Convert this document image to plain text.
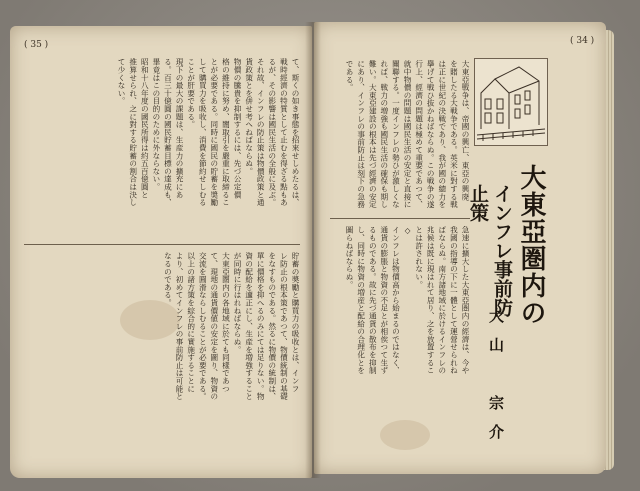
( 35 )	( 34 )
大東亞戦争は、帝國の興亡、東亞の興廃
を賭したる大戦争である。英米に對する戦
は正に世紀の決戦であり、我が國の總力を
擧げて戦ひ抜かねばならぬ。この戦争の遂
行上、經濟の問題は極めて重要であつて、
就中物價の問題は國民生活の安定と直接に
關聯する。一度インフレの勢ひが激しくな
れば、戦力の増強も國民生活の確保も期し
難い。大東亞建設の根本は先づ經濟の安定
にあり、インフレの事前防止は刻下の急務
である。
急速に擴大した大東亞圏内の經濟は、今や
我國の指導の下に一體として運營せられね
ばならぬ。南方諸地域に於けるインフレの
兆候は既に現はれて居り、之を放置するこ
とは許されない。
◇
インフレは物價高から始まるのではなく、
通貨の膨脹と物資の不足とが相俟つて生ず
るものである。故に先づ通貨の散布を抑制
し、同時に物資の増産と配給の合理化とを
圖らねばならぬ。	大東亞圏内の
インフレ事前防止策
大山　宗介
て、斯くの如き事態を招來せしめたるは、
戦時經濟の特質として止むを得ざる點もあ
るが、その影響は國民生活の全般に及ぶ。
それ故、インフレの防止策は物價政策と通
貨政策とを併せ考へねばならぬ。
物價の騰貴を抑制するには、先づ公定價
格の維持に努め、闇取引を嚴重に取締るこ
とが必要である。同時に國民の貯蓄を奬勵
して購買力を吸收し、消費を節約せしむる
ことが肝要である。
現下の最大の課題は、生産力の擴充にあ
る。百三十億圓の國民貯蓄目標の達成も、
畢竟はこの目的のために外ならない。
昭和十八年度の國民所得は約五百億圓と
推算せられ、之に對する貯蓄の割合は決し
て少くない。
貯蓄の奬勵と購買力の吸收とは、インフ
レ防止の根本策であつて、物價統制の基礎
をなすものである。然るに物價の統制は、
單に價格を抑へるのみにては足りない。物
資の配給を適正にし、生産を増強すること
が同時に行はれねばならぬ。
大東亞圏内の各地域に於ても同樣であつ
て、現地の通貨價値の安定を圖り、物資の
交流を圓滑ならしむることが必要である。
以上の諸方策を綜合的に實施することに
より、初めてインフレの事前防止は可能と
なるのである。
